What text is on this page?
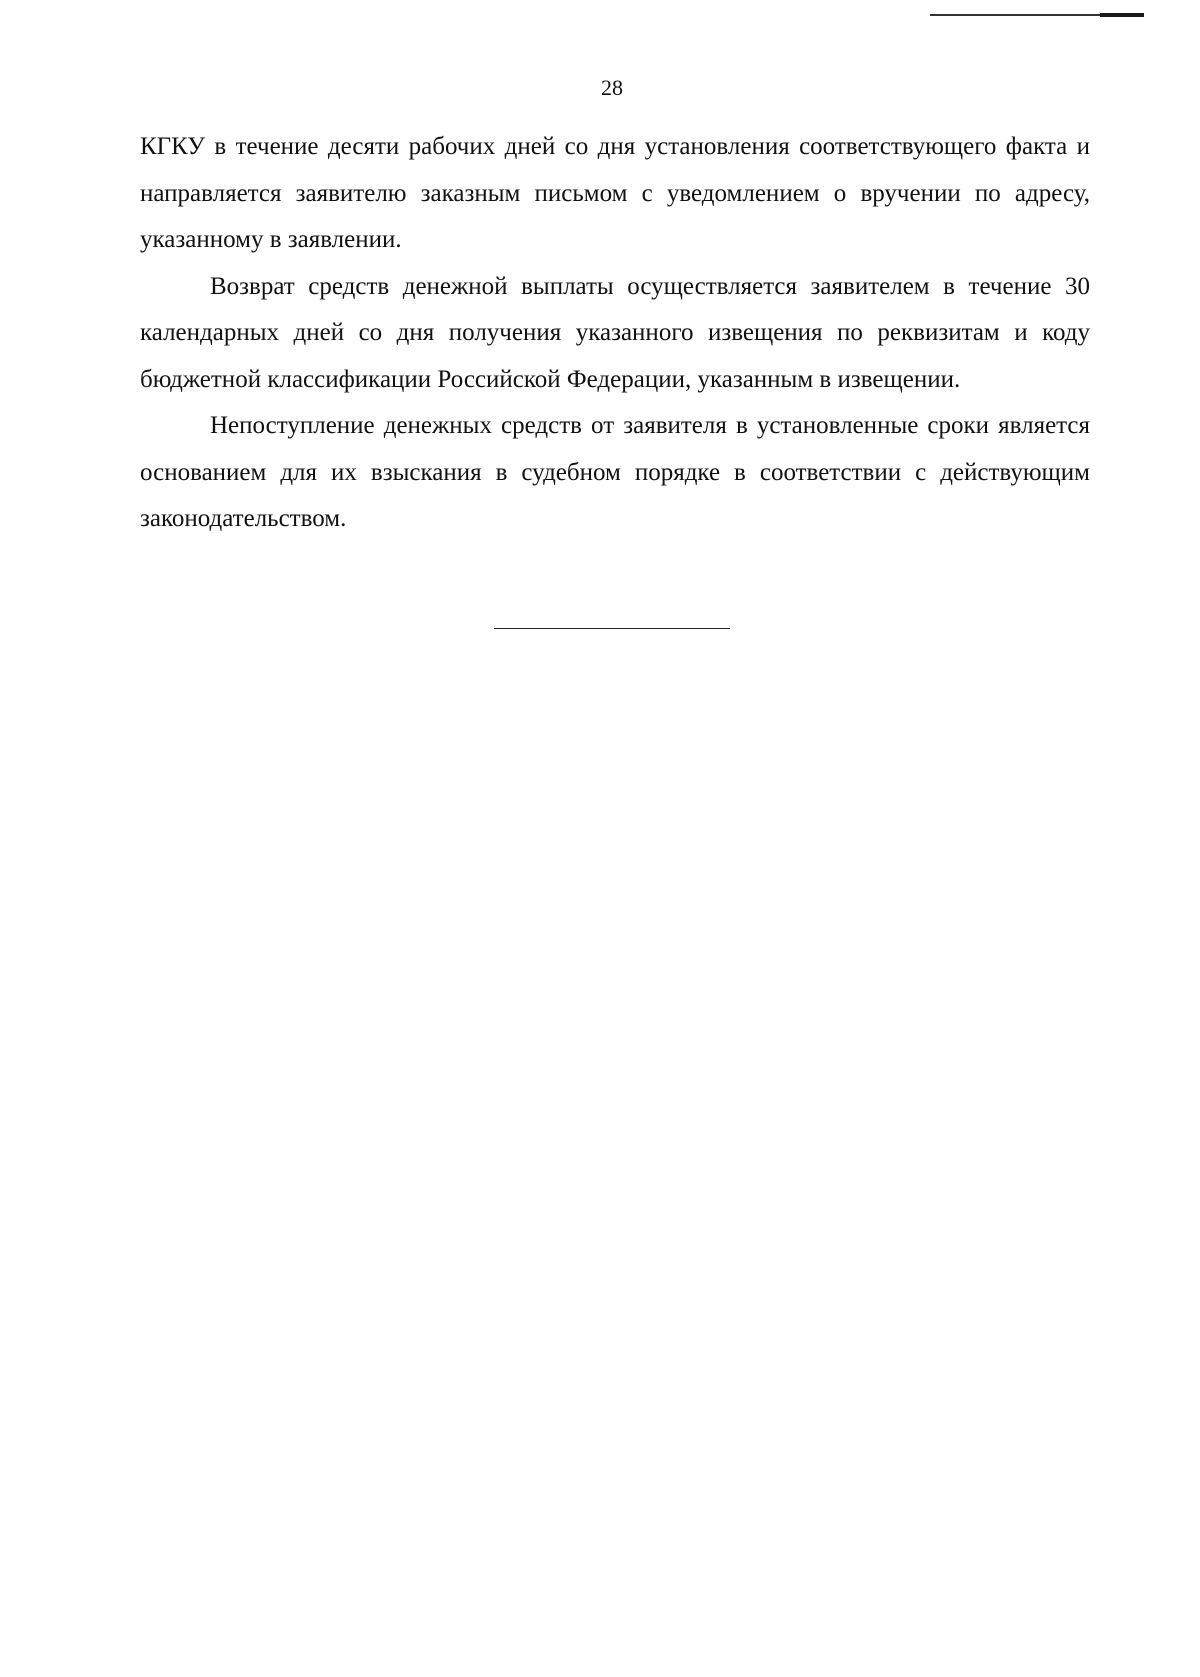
28

КГКУ в течение десяти рабочих дней со дня установления соответствующего факта и направляется заявителю заказным письмом с уведомлением о вручении по адресу, указанному в заявлении.

Возврат средств денежной выплаты осуществляется заявителем в течение 30 календарных дней со дня получения указанного извещения по реквизитам и коду бюджетной классификации Российской Федерации, указанным в извещении.

Непоступление денежных средств от заявителя в установленные сроки является основанием для их взыскания в судебном порядке в соответствии с действующим законодательством.
